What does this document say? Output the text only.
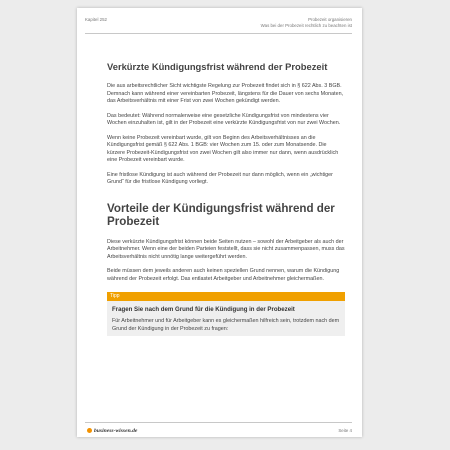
Kapitel 252	Probezeit organisieren
Was bei der Probezeit rechtlich zu beachten ist
Verkürzte Kündigungsfrist während der Probezeit

Die aus arbeitsrechtlicher Sicht wichtigste Regelung zur Probezeit findet sich in § 622 Abs. 3 BGB. Demnach kann während einer vereinbarten Probezeit, längstens für die Dauer von sechs Monaten, das Arbeitsverhältnis mit einer Frist von zwei Wochen gekündigt werden.

Das bedeutet: Während normalerweise eine gesetzliche Kündigungsfrist von mindestens vier Wochen einzuhalten ist, gilt in der Probezeit eine verkürzte Kündigungsfrist von nur zwei Wochen.

Wenn keine Probezeit vereinbart wurde, gilt von Beginn des Arbeitsverhältnisses an die Kündigungsfrist gemäß § 622 Abs. 1 BGB: vier Wochen zum 15. oder zum Monatsende. Die kürzere Probezeit-Kündigungsfrist von zwei Wochen gilt also immer nur dann, wenn ausdrücklich eine Probezeit vereinbart wurde.

Eine fristlose Kündigung ist auch während der Probezeit nur dann möglich, wenn ein „wichtiger Grund“ für die fristlose Kündigung vorliegt.

Vorteile der Kündigungsfrist während der Probezeit

Diese verkürzte Kündigungsfrist können beide Seiten nutzen – sowohl der Arbeitgeber als auch der Arbeitnehmer. Wenn eine der beiden Parteien feststellt, dass sie nicht zusammenpassen, muss das Arbeitsverhältnis nicht unnötig lange weitergeführt werden.

Beide müssen dem jeweils anderen auch keinen speziellen Grund nennen, warum die Kündigung während der Probezeit erfolgt. Das entlastet Arbeitgeber und Arbeitnehmer gleichermaßen.

Tipp
Fragen Sie nach dem Grund für die Kündigung in der Probezeit

Für Arbeitnehmer und für Arbeitgeber kann es gleichermaßen hilfreich sein, trotzdem nach dem Grund der Kündigung in der Probezeit zu fragen:

business-wissen.de	Seite 4
